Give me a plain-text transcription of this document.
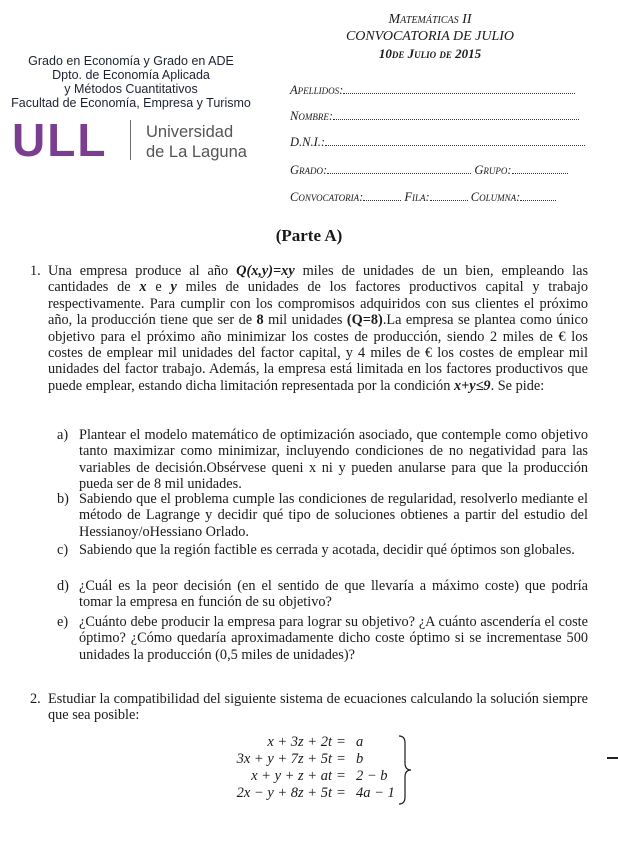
Grado en Economía y Grado en ADE
Dpto. de Economía Aplicada
y Métodos Cuantitativos
Facultad de Economía, Empresa y Turismo
ULL Universidad
de La Laguna
Matemáticas II
CONVOCATORIA DE JULIO
10de Julio de 2015
Apellidos:
Nombre:
D.N.I.:
Grado:	Grupo:
Convocatoria:	Fila:	Columna:
(Parte A)
1. Una empresa produce al año Q(x,y)=xy miles de unidades de un bien, empleando las cantidades de x e y miles de unidades de los factores productivos capital y trabajo respectivamente. Para cumplir con los compromisos adquiridos con sus clientes el próximo año, la producción tiene que ser de 8 mil unidades (Q=8).La empresa se plantea como único objetivo para el próximo año minimizar los costes de producción, siendo 2 miles de € los costes de emplear mil unidades del factor capital, y 4 miles de € los costes de emplear mil unidades del factor trabajo. Además, la empresa está limitada en los factores productivos que puede emplear, estando dicha limitación representada por la condición x+y≤9. Se pide:
a) Plantear el modelo matemático de optimización asociado, que contemple como objetivo tanto maximizar como minimizar, incluyendo condiciones de no negatividad para las variables de decisión.Obsérvese queni x ni y pueden anularse para que la producción pueda ser de 8 mil unidades.
b) Sabiendo que el problema cumple las condiciones de regularidad, resolverlo mediante el método de Lagrange y decidir qué tipo de soluciones obtienes a partir del estudio del Hessianoy/oHessiano Orlado.
c) Sabiendo que la región factible es cerrada y acotada, decidir qué óptimos son globales.
d) ¿Cuál es la peor decisión (en el sentido de que llevaría a máximo coste) que podría tomar la empresa en función de su objetivo?
e) ¿Cuánto debe producir la empresa para lograr su objetivo? ¿A cuánto ascendería el coste óptimo? ¿Cómo quedaría aproximadamente dicho coste óptimo si se incrementase 500 unidades la producción (0,5 miles de unidades)?
2. Estudiar la compatibilidad del siguiente sistema de ecuaciones calculando la solución siempre que sea posible:
x + 3z + 2t = a
3x + y + 7z + 5t = b
x + y + z + at = 2 − b
2x − y + 8z + 5t = 4a − 1
